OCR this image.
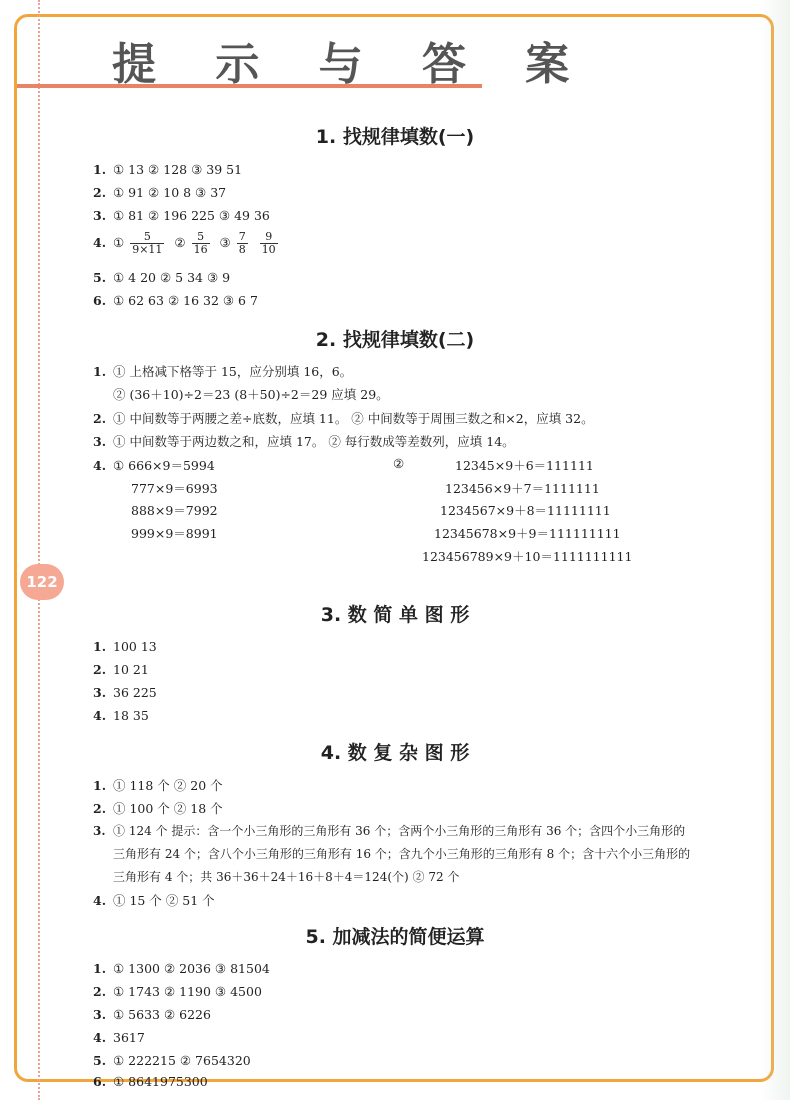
提 示 与 答 案
122
1. 找规律填数(一)
1. ① 13 ② 128 ③ 39 51
2. ① 91 ② 10 8 ③ 37
3. ① 81 ② 196 225 ③ 49 36
4. ① $\frac{5}{9\times 11}$ ② $\frac{5}{16}$ ③ $\frac{7}{8}$
$\frac{9}{10}$
5. ① 4 20 ② 5 34 ③ 9
6. ① 62 63 ② 16 32 ③ 6 7
2. 找规律填数(二)
1. ① 上格减下格等于 15，应分别填 16，6。
② (36＋10)÷2＝23 (8＋50)÷2＝29 应填 29。
2. ① 中间数等于两腰之差÷底数，应填 11。 ② 中间数等于周围三数之和×2，应填 32。
3. ① 中间数等于两边数之和，应填 17。 ② 每行数成等差数列，应填 14。
4. ① 666×9＝5994
777×9＝6993
888×9＝7992
999×9＝8991
②	12345×9＋6＝111111
123456×9＋7＝1111111
1234567×9＋8＝11111111
12345678×9＋9＝111111111
123456789×9＋10＝1111111111
3. 数 简 单 图 形
1. 100 13
2. 10 21
3. 36 225
4. 18 35
4. 数 复 杂 图 形
1. ① 118 个 ② 20 个
2. ① 100 个 ② 18 个
3. ① 124 个 提示：含一个小三角形的三角形有 36 个；含两个小三角形的三角形有 36 个；含四个小三角形的
三角形有 24 个；含八个小三角形的三角形有 16 个；含九个小三角形的三角形有 8 个；含十六个小三角形的
三角形有 4 个；共 36＋36＋24＋16＋8＋4＝124(个) ② 72 个
4. ① 15 个 ② 51 个
5. 加减法的简便运算
1. ① 1300 ② 2036 ③ 81504
2. ① 1743 ② 1190 ③ 4500
3. ① 5633 ② 6226
4. 3617
5. ① 222215 ② 7654320
6. ① 8641975300
